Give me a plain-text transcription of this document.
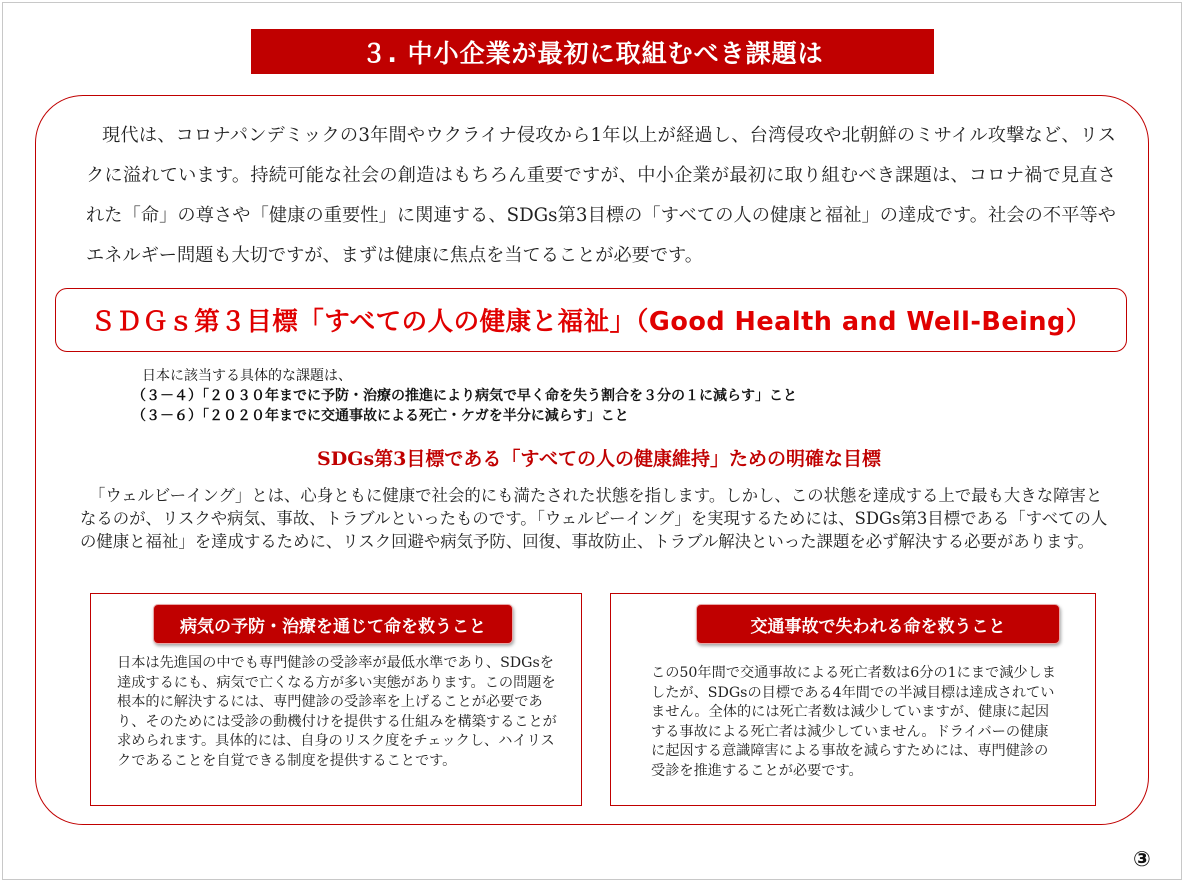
３. 中小企業が最初に取組むべき課題は

現代は、コロナパンデミックの3年間やウクライナ侵攻から1年以上が経過し、台湾侵攻や北朝鮮のミサイル攻撃など、リスクに溢れています。持続可能な社会の創造はもちろん重要ですが、中小企業が最初に取り組むべき課題は、コロナ禍で見直された「命」の尊さや「健康の重要性」に関連する、SDGs第3目標の「すべての人の健康と福祉」の達成です。社会の不平等やエネルギー問題も大切ですが、まずは健康に焦点を当てることが必要です。

ＳＤＧｓ第３目標「すべての人の健康と福祉」（Good Health and Well-Being）
日本に該当する具体的な課題は、
（３－４）「２０３０年までに予防・治療の推進により病気で早く命を失う割合を３分の１に減らす」こと
（３－６）「２０２０年までに交通事故による死亡・ケガを半分に減らす」こと
SDGs第3目標である「すべての人の健康維持」ための明確な目標

「ウェルビーイング」とは、心身ともに健康で社会的にも満たされた状態を指します。しかし、この状態を達成する上で最も大きな障害となるのが、リスクや病気、事故、トラブルといったものです。「ウェルビーイング」を実現するためには、SDGs第3目標である「すべての人の健康と福祉」を達成するために、リスク回避や病気予防、回復、事故防止、トラブル解決といった課題を必ず解決する必要があります。

病気の予防・治療を通じて命を救うこと

日本は先進国の中でも専門健診の受診率が最低水準であり、SDGsを達成するにも、病気で亡くなる方が多い実態があります。この問題を根本的に解決するには、専門健診の受診率を上げることが必要であり、そのためには受診の動機付けを提供する仕組みを構築することが求められます。具体的には、自身のリスク度をチェックし、ハイリスクであることを自覚できる制度を提供することです。

交通事故で失われる命を救うこと

この50年間で交通事故による死亡者数は6分の1にまで減少しましたが、SDGsの目標である4年間での半減目標は達成されていません。全体的には死亡者数は減少していますが、健康に起因する事故による死亡者は減少していません。ドライバーの健康に起因する意識障害による事故を減らすためには、専門健診の受診を推進することが必要です。

③
